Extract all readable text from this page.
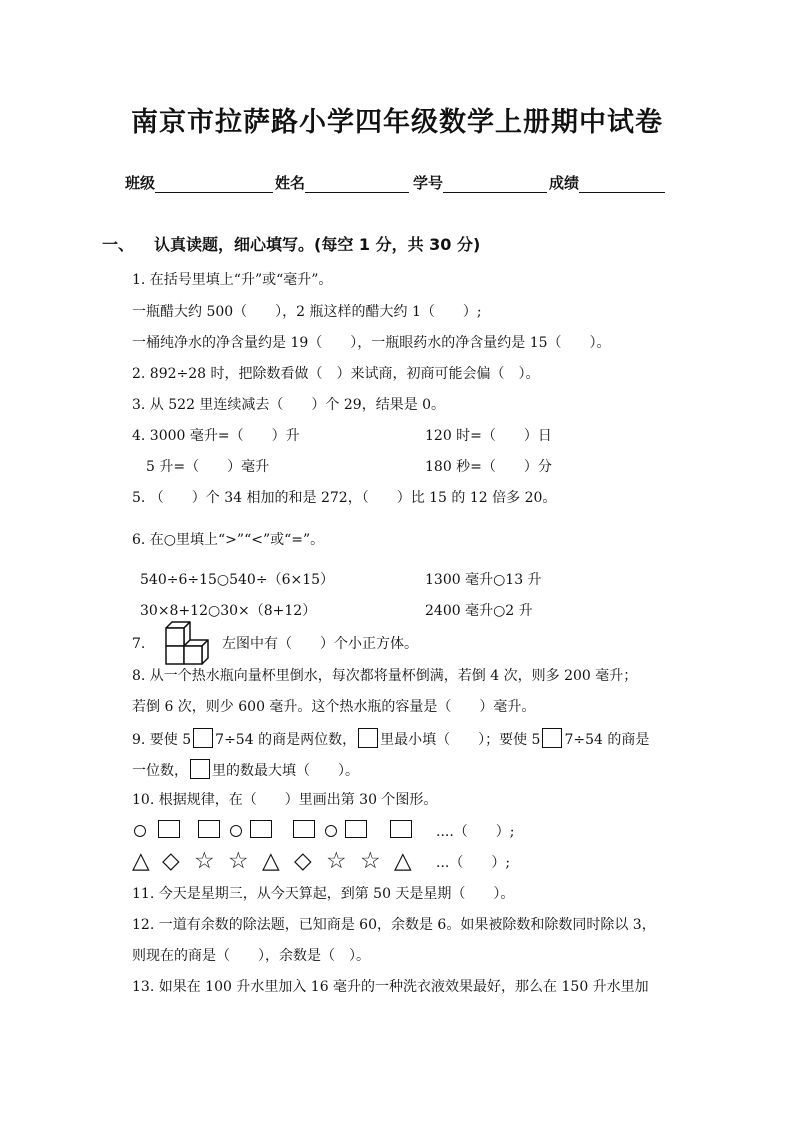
南京市拉萨路小学四年级数学上册期中试卷
班级	姓名	学号	成绩
一、 认真读题，细心填写。(每空 1 分，共 30 分)
1. 在括号里填上“升”或“毫升”。
一瓶醋大约 500（　　），2 瓶这样的醋大约 1（　　）;
一桶纯净水的净含量约是 19（　　），一瓶眼药水的净含量约是 15（　　）。
2. 892÷28 时，把除数看做（　）来试商，初商可能会偏（　）。
3. 从 522 里连续减去（　　）个 29，结果是 0。
4. 3000 毫升=（　　）升	120 时=（　　）日
5 升=（　　）毫升	180 秒=（　　）分
5. （　　）个 34 相加的和是 272，（　　）比 15 的 12 倍多 20。
6. 在○里填上“>”“<”或“=”。
540÷6÷15○540÷（6×15）	1300 毫升○13 升
30×8+12○30×（8+12）	2400 毫升○2 升
7.	左图中有（　　）个小正方体。
8. 从一个热水瓶向量杯里倒水，每次都将量杯倒满，若倒 4 次，则多 200 毫升；
若倒 6 次，则少 600 毫升。这个热水瓶的容量是（　　）毫升。
9. 要使 5 7÷54 的商是两位数， 里最小填（　　）；要使 5 7÷54 的商是
一位数， 里的数最大填（　　）。
10. 根据规律，在（　　）里画出第 30 个图形。
....（　　）;
△ ◇ ☆ ☆ △ ◇ ☆ ☆ △ ...（　　）;
11. 今天是星期三，从今天算起，到第 50 天是星期（　　）。
12. 一道有余数的除法题，已知商是 60，余数是 6。如果被除数和除数同时除以 3，
则现在的商是（　　），余数是（　）。
13. 如果在 100 升水里加入 16 毫升的一种洗衣液效果最好，那么在 150 升水里加
